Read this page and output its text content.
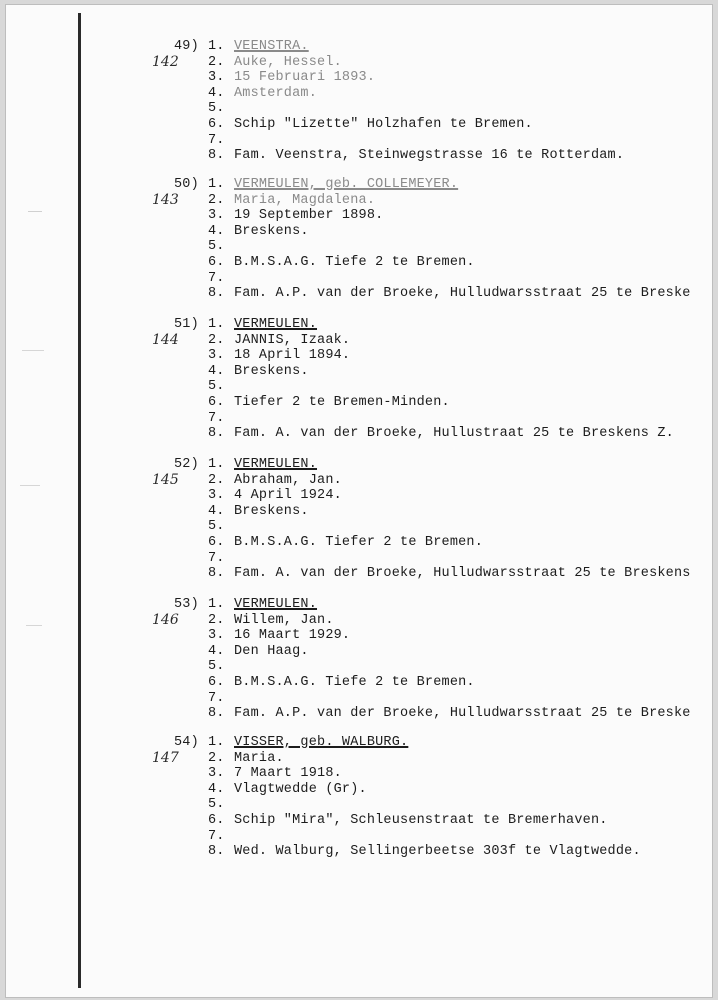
49)
142
1. VEENSTRA.
2. Auke, Hessel.
3. 15 Februari 1893.
4. Amsterdam.
5.
6. Schip "Lizette" Holzhafen te Bremen.
7.
8. Fam. Veenstra, Steinwegstrasse 16 te Rotterdam.
50)
143
1. VERMEULEN, geb. COLLEMEYER.
2. Maria, Magdalena.
3. 19 September 1898.
4. Breskens.
5.
6. B.M.S.A.G. Tiefe 2 te Bremen.
7.
8. Fam. A.P. van der Broeke, Hulludwarsstraat 25 te Breske
51)
144
1. VERMEULEN.
2. JANNIS, Izaak.
3. 18 April 1894.
4. Breskens.
5.
6. Tiefer 2 te Bremen-Minden.
7.
8. Fam. A. van der Broeke, Hullustraat 25 te Breskens Z.
52)
145
1. VERMEULEN.
2. Abraham, Jan.
3. 4 April 1924.
4. Breskens.
5.
6. B.M.S.A.G. Tiefer 2 te Bremen.
7.
8. Fam. A. van der Broeke, Hulludwarsstraat 25 te Breskens
53)
146
1. VERMEULEN.
2. Willem, Jan.
3. 16 Maart 1929.
4. Den Haag.
5.
6. B.M.S.A.G. Tiefe 2 te Bremen.
7.
8. Fam. A.P. van der Broeke, Hulludwarsstraat 25 te Breske
54)
147
1. VISSER, geb. WALBURG.
2. Maria.
3. 7 Maart 1918.
4. Vlagtwedde (Gr).
5.
6. Schip "Mira", Schleusenstraat te Bremerhaven.
7.
8. Wed. Walburg, Sellingerbeetse 303f te Vlagtwedde.
